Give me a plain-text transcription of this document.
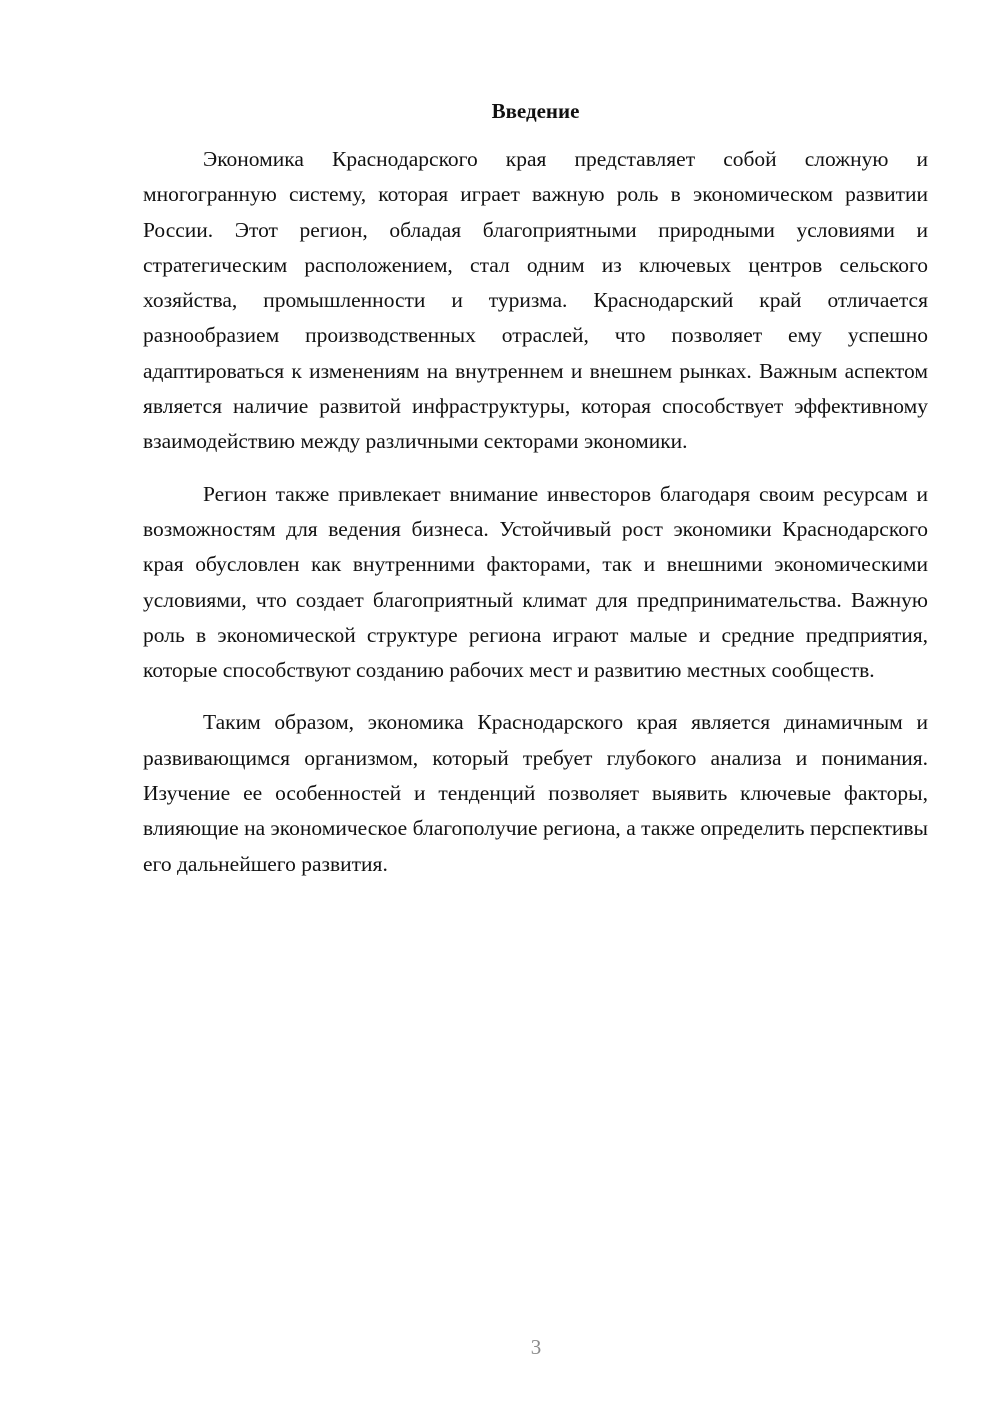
Введение

Экономика Краснодарского края представляет собой сложную и многогранную систему, которая играет важную роль в экономическом развитии России. Этот регион, обладая благоприятными природными условиями и стратегическим расположением, стал одним из ключевых центров сельского хозяйства, промышленности и туризма. Краснодарский край отличается разнообразием производственных отраслей, что позволяет ему успешно адаптироваться к изменениям на внутреннем и внешнем рынках. Важным аспектом является наличие развитой инфраструктуры, которая способствует эффективному взаимодействию между различными секторами экономики.

Регион также привлекает внимание инвесторов благодаря своим ресурсам и возможностям для ведения бизнеса. Устойчивый рост экономики Краснодарского края обусловлен как внутренними факторами, так и внешними экономическими условиями, что создает благоприятный климат для предпринимательства. Важную роль в экономической структуре региона играют малые и средние предприятия, которые способствуют созданию рабочих мест и развитию местных сообществ.

Таким образом, экономика Краснодарского края является динамичным и развивающимся организмом, который требует глубокого анализа и понимания. Изучение ее особенностей и тенденций позволяет выявить ключевые факторы, влияющие на экономическое благополучие региона, а также определить перспективы его дальнейшего развития.

3
